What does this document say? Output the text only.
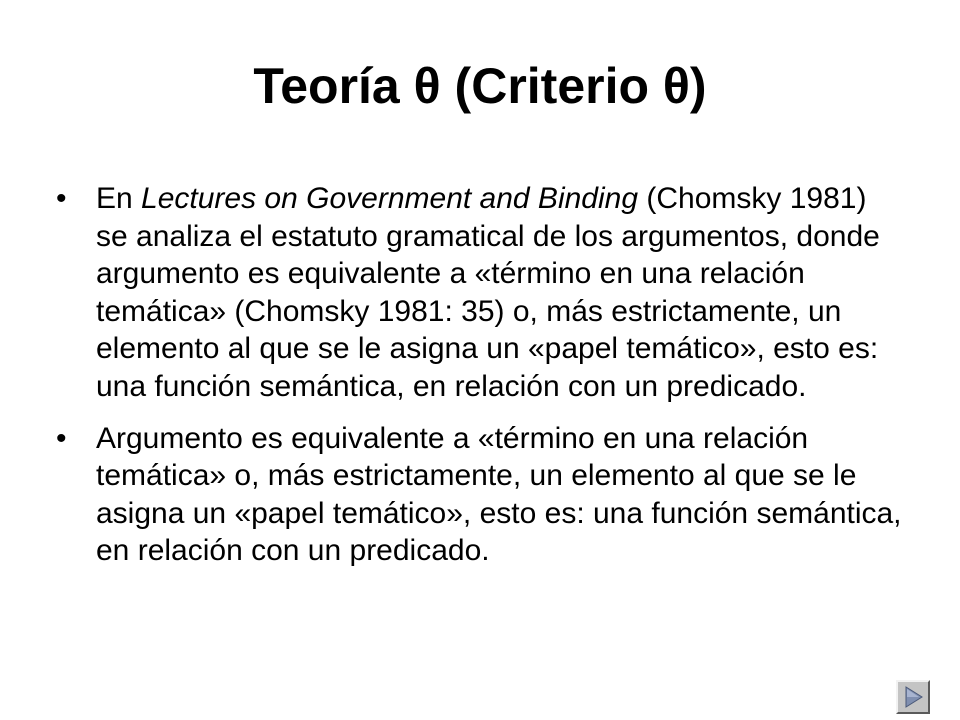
Teoría θ (Criterio θ)
• En Lectures on Government and Binding (Chomsky 1981) se analiza el estatuto gramatical de los argumentos, donde argumento es equivalente a «término en una relación temática» (Chomsky 1981: 35) o, más estrictamente, un elemento al que se le asigna un «papel temático», esto es: una función semántica, en relación con un predicado.
• Argumento es equivalente a «término en una relación temática» o, más estrictamente, un elemento al que se le asigna un «papel temático», esto es: una función semántica, en relación con un predicado.
